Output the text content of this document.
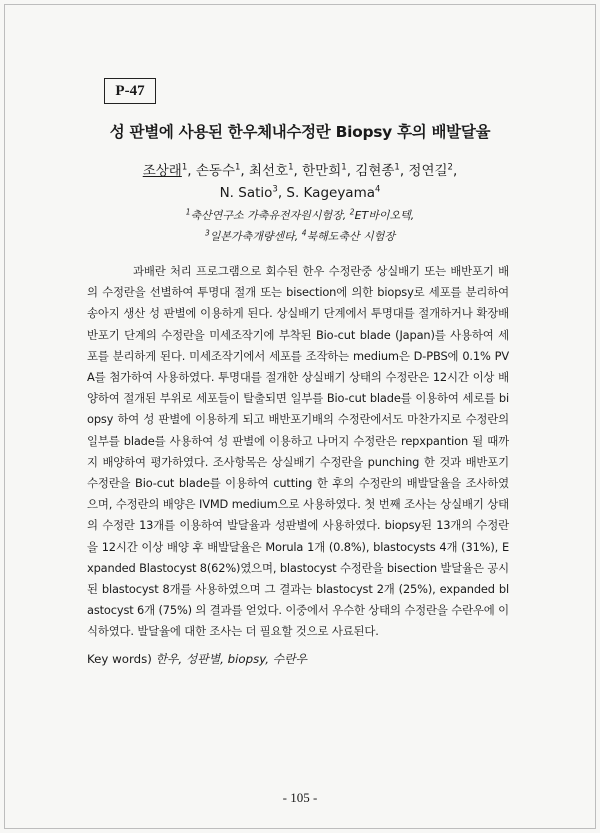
P-47
성 판별에 사용된 한우체내수정란 Biopsy 후의 배발달율
조상래$^1$, 손동수$^1$, 최선호$^1$, 한만희$^1$, 김현종$^1$, 정연길$^2$,
N. Satio$^3$, S. Kageyama$^4$
$^1$축산연구소 가축유전자원시험장, $^2$ET바이오텍,
$^3$일본가축개량센타, $^4$북해도축산 시험장

과배란 처리 프로그램으로 회수된 한우 수정란중 상실배기 또는 배반포기 배의 수정란을 선별하여 투명대 절개 또는 bisection에 의한 biopsy로 세포를 분리하여 송아지 생산 성 판별에 이용하게 된다. 상실배기 단계에서 투명대를 절개하거나 확장배반포기 단계의 수정란을 미세조작기에 부착된 Bio-cut blade (Japan)를 사용하여 세포를 분리하게 된다. 미세조작기에서 세포를 조작하는 medium은 D-PBS에 0.1% PVA를 첨가하여 사용하였다. 투명대를 절개한 상실배기 상태의 수정란은 12시간 이상 배양하여 절개된 부위로 세포들이 탈출되면 일부를 Bio-cut blade를 이용하여 세로를 biopsy 하여 성 판별에 이용하게 되고 배반포기배의 수정란에서도 마찬가지로 수정란의 일부를 blade를 사용하여 성 판별에 이용하고 나머지 수정란은 repxpantion 될 때까지 배양하여 평가하였다. 조사항목은 상실배기 수정란을 punching 한 것과 배반포기 수정란을 Bio-cut blade를 이용하여 cutting 한 후의 수정란의 배발달율을 조사하였으며, 수정란의 배양은 IVMD medium으로 사용하였다. 첫 번째 조사는 상실배기 상태의 수정란 13개를 이용하여 발달율과 성판별에 사용하였다. biopsy된 13개의 수정란을 12시간 이상 배양 후 배발달율은 Morula 1개 (0.8%), blastocysts 4개 (31%), Expanded Blastocyst 8(62%)였으며, blastocyst 수정란을 bisection 발달율은 공시된 blastocyst 8개를 사용하였으며 그 결과는 blastocyst 2개 (25%), expanded blastocyst 6개 (75%) 의 결과를 얻었다. 이중에서 우수한 상태의 수정란을 수란우에 이식하였다. 발달율에 대한 조사는 더 필요할 것으로 사료된다.

Key words) 한우, 성판별, biopsy, 수란우
- 105 -
